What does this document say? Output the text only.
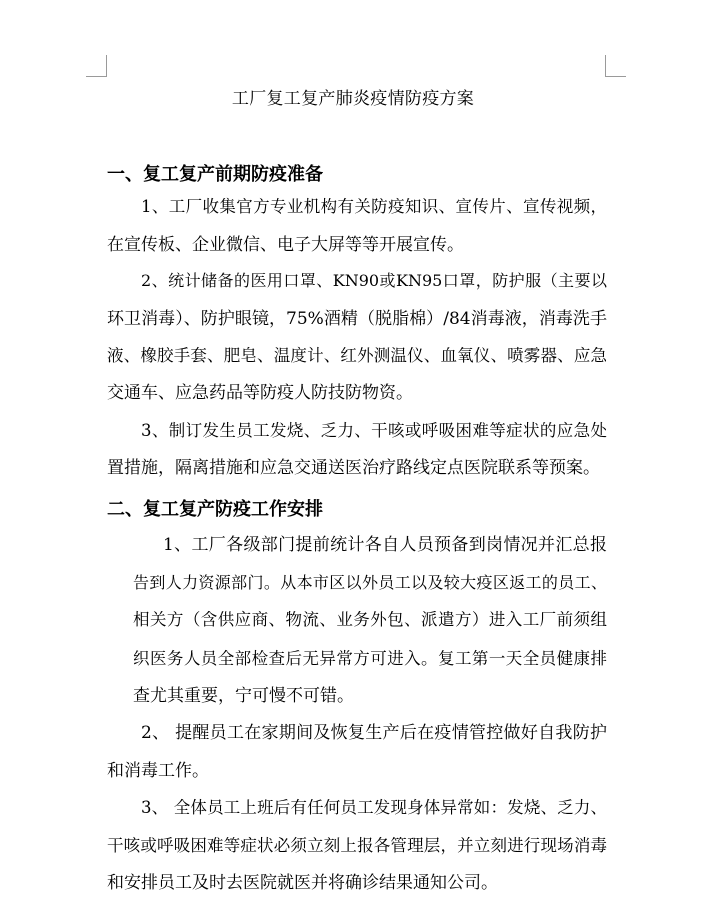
工厂复工复产肺炎疫情防疫方案
一、复工复产前期防疫准备
1、工厂收集官方专业机构有关防疫知识、宣传片、宣传视频，
在宣传板、企业微信、电子大屏等等开展宣传。
2、统计储备的医用口罩、KN90或KN95口罩，防护服（主要以
环卫消毒）、防护眼镜，75%酒精（脱脂棉）/84消毒液，消毒洗手
液、橡胶手套、肥皂、温度计、红外测温仪、血氧仪、喷雾器、应急
交通车、应急药品等防疫人防技防物资。
3、制订发生员工发烧、乏力、干咳或呼吸困难等症状的应急处
置措施，隔离措施和应急交通送医治疗路线定点医院联系等预案。
二、复工复产防疫工作安排
1、工厂各级部门提前统计各自人员预备到岗情况并汇总报
告到人力资源部门。从本市区以外员工以及较大疫区返工的员工、
相关方（含供应商、物流、业务外包、派遣方）进入工厂前须组
织医务人员全部检查后无异常方可进入。复工第一天全员健康排
查尤其重要，宁可慢不可错。
2、 提醒员工在家期间及恢复生产后在疫情管控做好自我防护
和消毒工作。
3、 全体员工上班后有任何员工发现身体异常如：发烧、乏力、
干咳或呼吸困难等症状必须立刻上报各管理层，并立刻进行现场消毒
和安排员工及时去医院就医并将确诊结果通知公司。
